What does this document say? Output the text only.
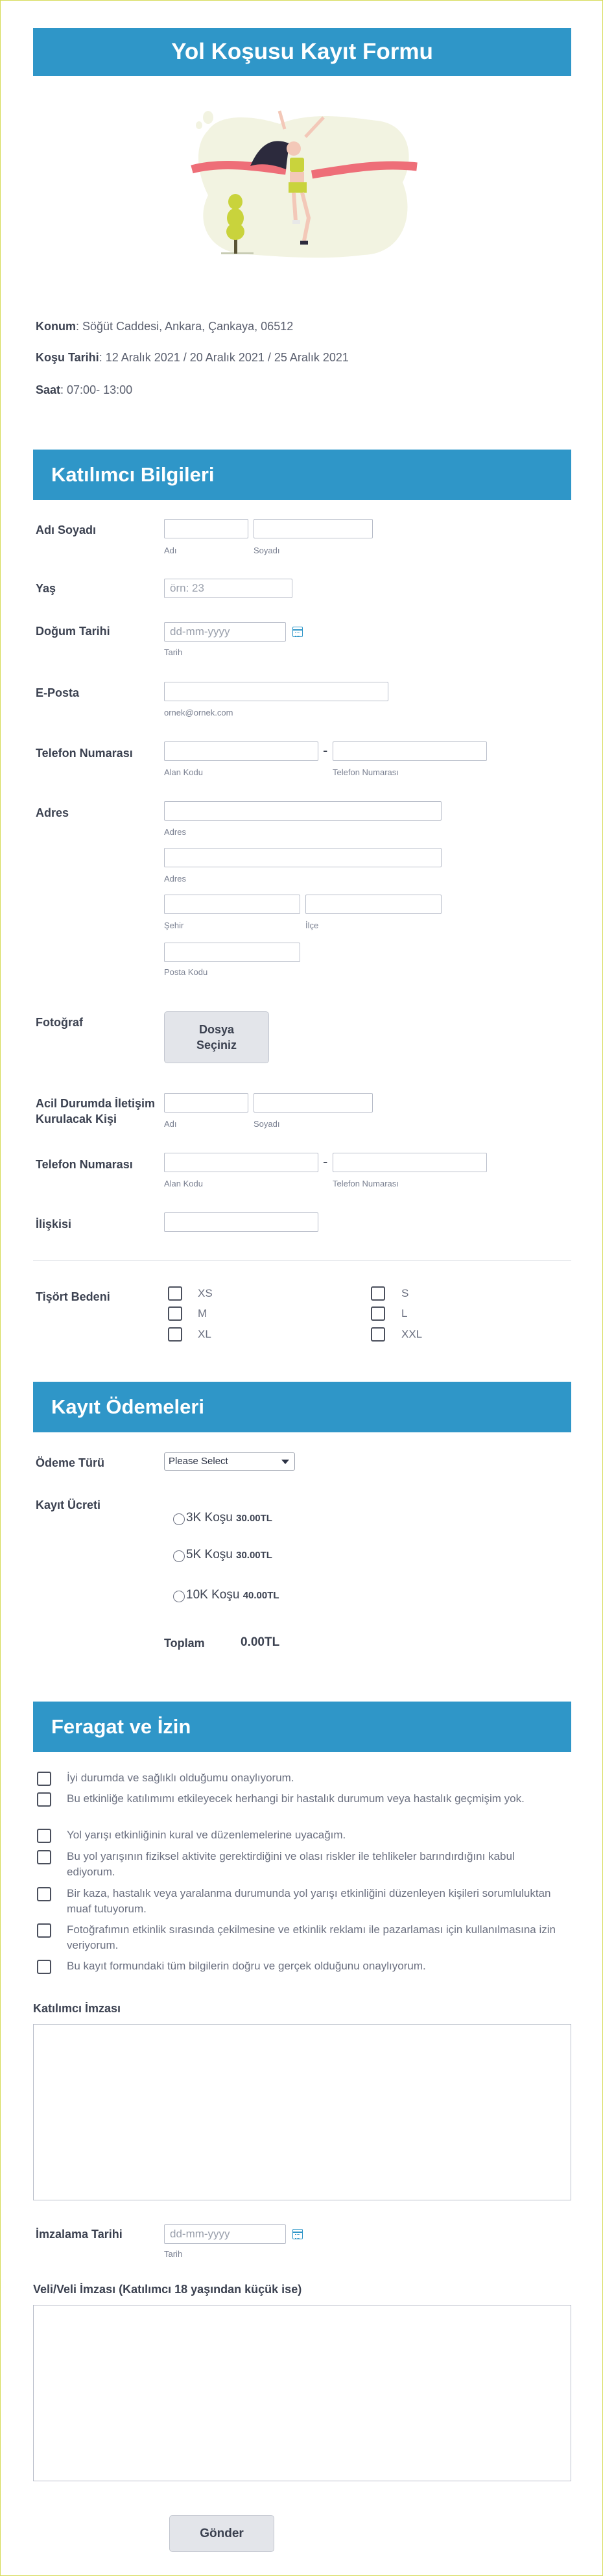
Yol Koşusu Kayıt Formu
Konum: Söğüt Caddesi, Ankara, Çankaya, 06512
Koşu Tarihi: 12 Aralık 2021 / 20 Aralık 2021 / 25 Aralık 2021
Saat: 07:00- 13:00
Katılımcı Bilgileri
Adı Soyadı
Adı	Soyadı
Yaş	örn: 23
Doğum Tarihi	dd-mm-yyyy
Tarih
E-Posta
ornek@ornek.com
Telefon Numarası	-
Alan Kodu	Telefon Numarası
Adres
Adres
Adres
Şehir	İlçe
Posta Kodu
Fotoğraf
Dosya Seçiniz
Acil Durumda İletişim Kurulacak Kişi	Adı	Soyadı
Telefon Numarası	-
Alan Kodu	Telefon Numarası
İlişkisi
Tişört Bedeni	XS
M
XL
S
L
XXL
Kayıt Ödemeleri
Ödeme Türü	Please Select
Kayıt Ücreti
3K Koşu 30.00TL
5K Koşu 30.00TL
10K Koşu 40.00TL
Toplam	0.00TL
Feragat ve İzin
İyi durumda ve sağlıklı olduğumu onaylıyorum.
Bu etkinliğe katılımımı etkileyecek herhangi bir hastalık durumum veya hastalık geçmişim yok.
Yol yarışı etkinliğinin kural ve düzenlemelerine uyacağım.
Bu yol yarışının fiziksel aktivite gerektirdiğini ve olası riskler ile tehlikeler barındırdığını kabul ediyorum.
Bir kaza, hastalık veya yaralanma durumunda yol yarışı etkinliğini düzenleyen kişileri sorumluluktan muaf tutuyorum.
Fotoğrafımın etkinlik sırasında çekilmesine ve etkinlik reklamı ile pazarlaması için kullanılmasına izin veriyorum.
Bu kayıt formundaki tüm bilgilerin doğru ve gerçek olduğunu onaylıyorum.
Katılımcı İmzası
İmzalama Tarihi	dd-mm-yyyy
Tarih
Veli/Veli İmzası (Katılımcı 18 yaşından küçük ise)
Gönder
